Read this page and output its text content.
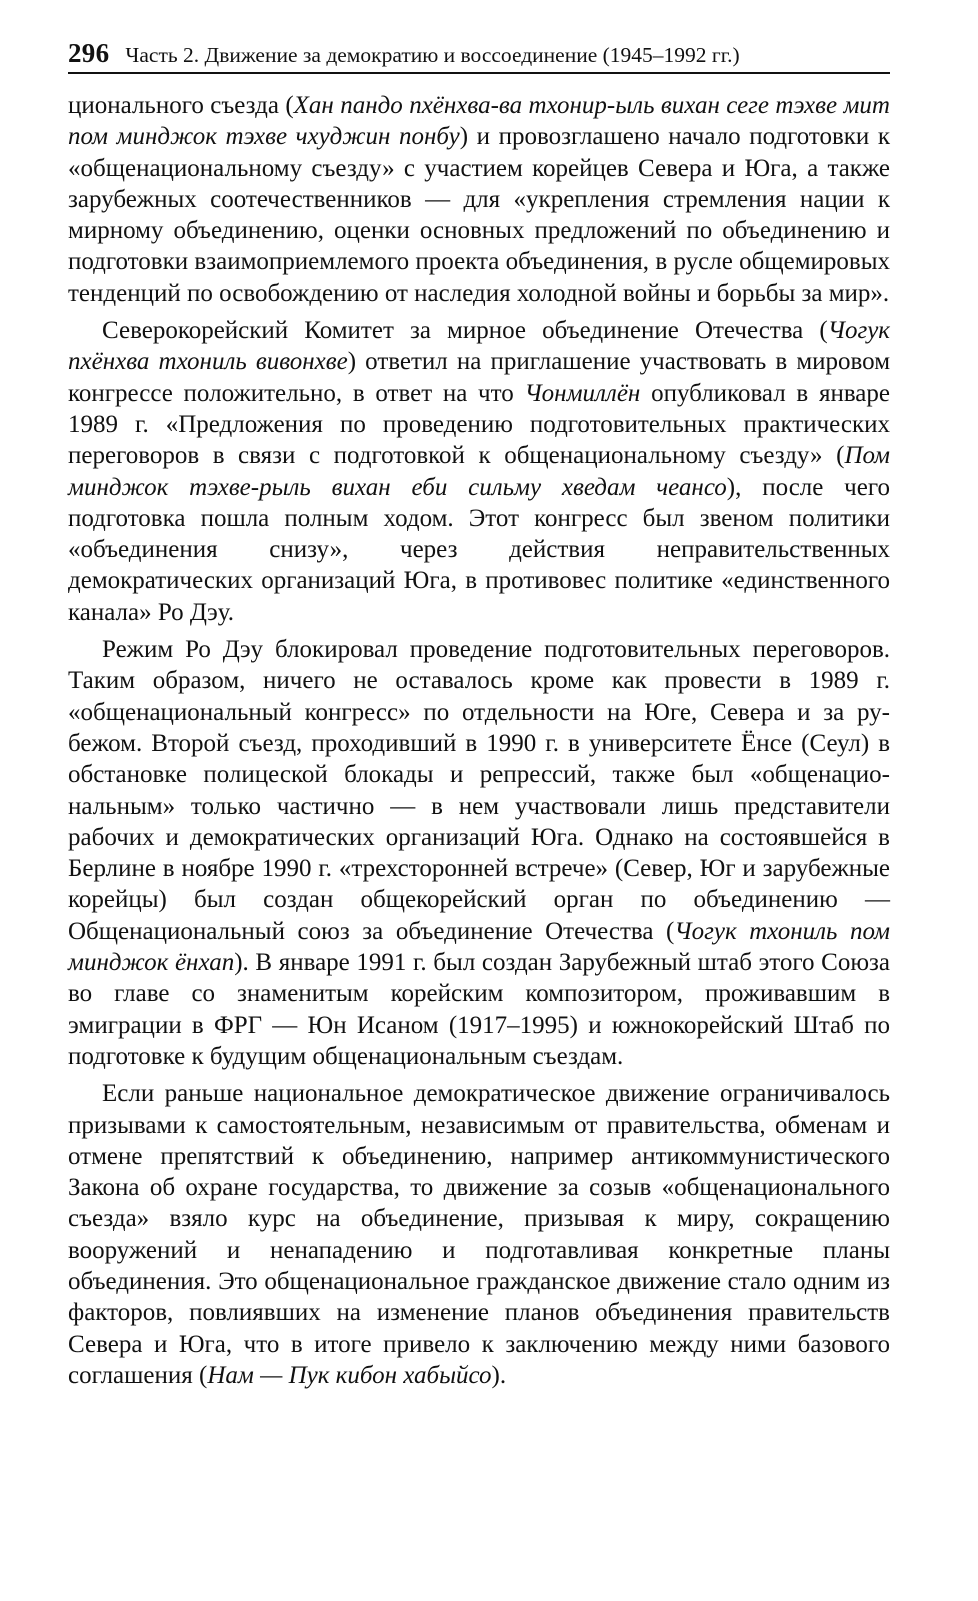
296 Часть 2. Движение за демократию и воссоединение (1945–1992 гг.)

ционального съезда (Хан пандо пхёнхва-ва тхонир-ыль вихан сеге тэхве мит пом минджок тэхве чхуджин понбу) и провозглашено начало подготовки к «общенациональному съезду» с участием корейцев Севера и Юга, а также зарубежных соотечественников — для «укрепления стремления нации к мирному объединению, оценки основных предложений по объединению и подготовки взаимоприемлемого проекта объединения, в русле общемировых тенденций по освобождению от наследия холодной войны и борьбы за мир».

Северокорейский Комитет за мирное объединение Отечества (Чогук пхёнхва тхониль вивонхве) ответил на приглашение участвовать в мировом конгрессе положительно, в ответ на что Чонмиллён опубликовал в январе 1989 г. «Предложения по проведению подготовительных практических переговоров в связи с подготовкой к общенациональному съезду» (Пом минджок тэхве-рыль вихан еби сильму хведам чеансо), после чего подготовка пошла полным ходом. Этот конгресс был звеном политики «объединения снизу», через действия неправительственных демократических организаций Юга, в противовес политике «единственного канала» Ро Дэу.

Режим Ро Дэу блокировал проведение подготовительных переговоров. Таким образом, ничего не оставалось кроме как провести в 1989 г. «общенациональный конгресс» по отдельности на Юге, Севера и за рубежом. Второй съезд, проходивший в 1990 г. в университете Ёнсе (Сеул) в обстановке полицеской блокады и репрессий, также был «общенациональным» только частично — в нем участвовали лишь представители рабочих и демократических организаций Юга. Однако на состоявшейся в Берлине в ноябре 1990 г. «трехсторонней встрече» (Север, Юг и зарубежные корейцы) был создан общекорейский орган по объединению — Общенациональный союз за объединение Отечества (Чогук тхониль пом минджок ёнхап). В январе 1991 г. был создан Зарубежный штаб этого Союза во главе со знаменитым корейским композитором, проживавшим в эмиграции в ФРГ — Юн Исаном (1917–1995) и южнокорейский Штаб по подготовке к будущим общенациональным съездам.

Если раньше национальное демократическое движение ограничивалось призывами к самостоятельным, независимым от правительства, обменам и отмене препятствий к объединению, например антикоммунистического Закона об охране государства, то движение за созыв «общенационального съезда» взяло курс на объединение, призывая к миру, сокращению вооружений и ненападению и подготавливая конкретные планы объединения. Это общенациональное гражданское движение стало одним из факторов, повлиявших на изменение планов объединения правительств Севера и Юга, что в итоге привело к заключению между ними базового соглашения (Нам — Пук кибон хабыйсо).
